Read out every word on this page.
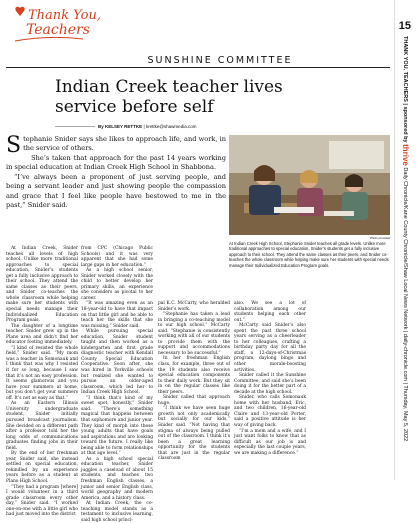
Thank You,
Teachers	15
THANK YOU, TEACHERS | sponsored by thrive Daily Chronicle/Kane County Chronicle/Shaw Local News Network | daily-chronicle.com | Thursday, May 5, 2022
SUNSHINE COMMITTEE
Indian Creek teacher lives service before self
By KELSEY RETTKE | krettke@shawmedia.com

Stephanie Snider says she likes to approach life, and work, in the service of others.

She’s taken that approach for the past 14 years working in special education at Indian Creek High School in Shabbona.

“I’ve always been a proponent of just serving people, and being a servant leader and just showing people the compassion and grace that I feel like people have bestowed to me in the past,” Snider said.

Photo provided
At Indian Creek High School, Stephanie Snider teaches all grade levels. Unlike more traditional approaches to special education, Snider’s students get a fully inclusive approach to their school. They attend the same classes as their peers, and Snider co-teaches the whole classroom while helping make sure her students with special needs manage their Individualized Education Program goals.

At Indian Creek, Snider teaches all levels of high school. Unlike more traditional approaches to special education, Snider’s students get a fully inclusive approach to their school. They attend the same classes as their peers, and Snider co-teaches the whole classroom while helping make sure her students with special needs manage their Individualized Education Program goals.

The daughter of a longtime teacher, Snider grew up in the Plano area and didn’t find her educator footing immediately.

“I kind of resisted the whole field,” Snider said. “My mom was a teacher in Somonauk and I think that was why I resisted it for so long, because I saw that it’s not an easy profession. It seems glamorous and you have your summers at home, but you don’t get your summers off. It’s not as easy as that.”

As an Eastern Illinois University undergraduate student, Snider initially pursued broadcast journalism. She decided on a different path after a professor told her the long odds of communications graduates finding jobs in their field.

By the end of her freshman year, Snider said, she instead settled on special education, rekindled by an experience years before as a student at Plano High School.

“They had a program [where] I would volunteer in a third grade classroom every other day,” Snider said. “I worked one-on-one with a little girl who had just moved into the district

from CPC (Chicago Public Schools) and it was very apparent that she had some large gaps in her education.”

As a high school senior, Snider worked closely with the child to better develop her primary skills, an experience she considers as pivotal to her career.

“It was amazing even as an 18-year-old to have that impact on that little girl and be able to teach her the skills that she was missing,” Snider said.

While pursuing special education, Snider student taught and then worked as a kindergarten and first grade diagnostic teacher with Kendall County Special Education Cooperative. Soon after, she was hired in Yorkville schools but realized she wanted to pursue an older-aged classroom, which led her to Indian Creek High School.

“I think that’s kind of my sweet spot, honestly,” Snider said. “There’s something magical that happens between that sophomore and junior year. They kind of morph into these young adults that have goals and aspirations and are looking toward the future. I really like being able to form relationships at that age level.”

As a high school special education teacher, Snider juggles a caseload of about 15 students, and teaches two freshman English classes, a junior and senior English class, world geography and modern America, and a history class.

At Indian Creek, the co-teaching model stands as a testament to inclusive learning, said high school princi-

pal K.C. McCarty, who heralded Snider’s work.

“Stephanie has taken a lead in bringing a co-teaching model to our high school,” McCarty said. “Stephanie is consistently working with all of our students to provide them with the support and accommodations necessary to be successful.”

In her freshman English class, for example, three out of the 19 students also receive special education components to their daily work. But they sit in on the regular classes like their peers.

Snider called that approach huge.

“I think we have seen huge growth not only academically but socially for our kids,” Snider said. “Not having that stigma of always being pulled out of the classroom. I think it’s been a great learning opportunity for the students that are just in the regular classroom

also. We see a lot of collaboration among our students helping each other out.”

McCarty said Snider’s also spent the past three school years serving as a cheerleader to her colleagues, crafting a birthday party day for all the staff, a 12-days-of-Christmas program, daylong bingo and other morale-boosting activities.

Snider called it the Sunshine Committee, and said she’s been doing it for the better part of a decade at the high school.

Snider, who calls Somonauk home with her husband, Eric, and two children, 16-year-old Claire and 13-year-old Porter, said a positive attitude is her way of giving back.

“I’m a mom and a wife, and I just want folks to know that as difficult as our job is and especially the last couple years, we are making a difference.”
